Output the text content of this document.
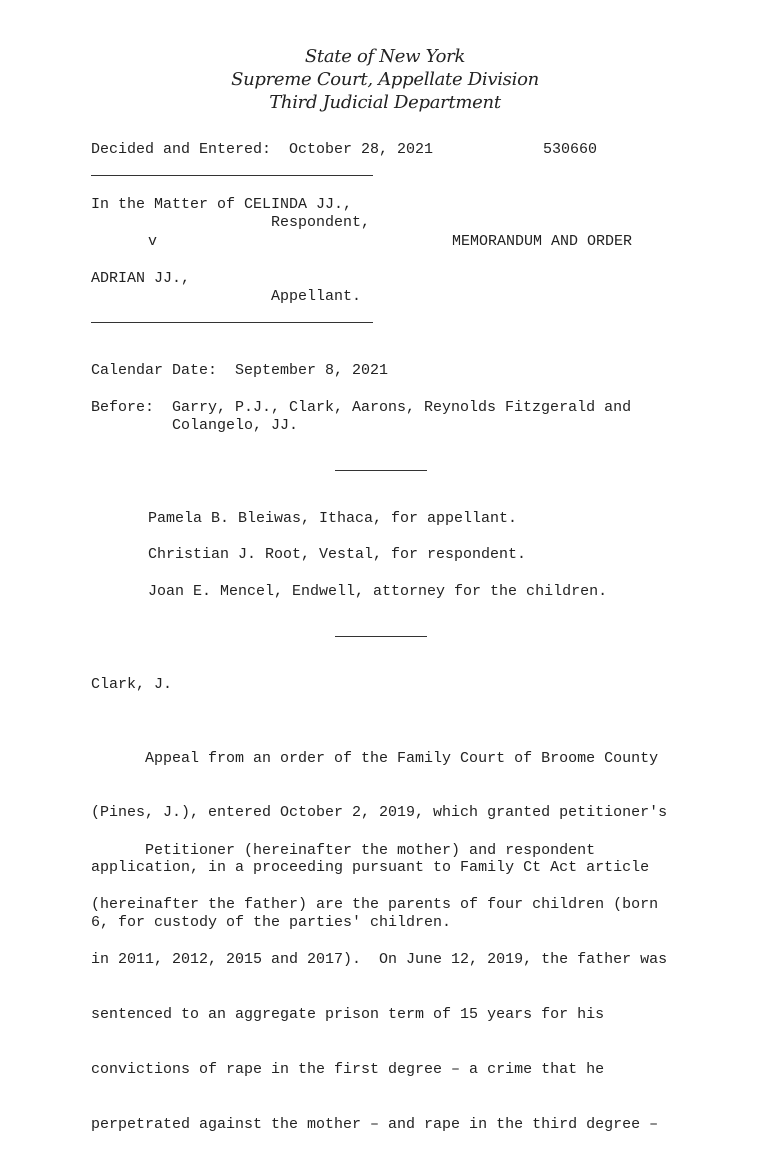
State of New York
Supreme Court, Appellate Division
Third Judicial Department
Decided and Entered: October 28, 2021	530660
In the Matter of CELINDA JJ.,
Respondent,
v	MEMORANDUM AND ORDER
ADRIAN JJ.,
Appellant.
Calendar Date: September 8, 2021
Before: Garry, P.J., Clark, Aarons, Reynolds Fitzgerald and
Colangelo, JJ.
Pamela B. Bleiwas, Ithaca, for appellant.
Christian J. Root, Vestal, for respondent.
Joan E. Mencel, Endwell, attorney for the children.
Clark, J.

Appeal from an order of the Family Court of Broome County

(Pines, J.), entered October 2, 2019, which granted petitioner's

application, in a proceeding pursuant to Family Ct Act article

6, for custody of the parties' children.

Petitioner (hereinafter the mother) and respondent

(hereinafter the father) are the parents of four children (born

in 2011, 2012, 2015 and 2017).  On June 12, 2019, the father was

sentenced to an aggregate prison term of 15 years for his

convictions of rape in the first degree – a crime that he

perpetrated against the mother – and rape in the third degree –
